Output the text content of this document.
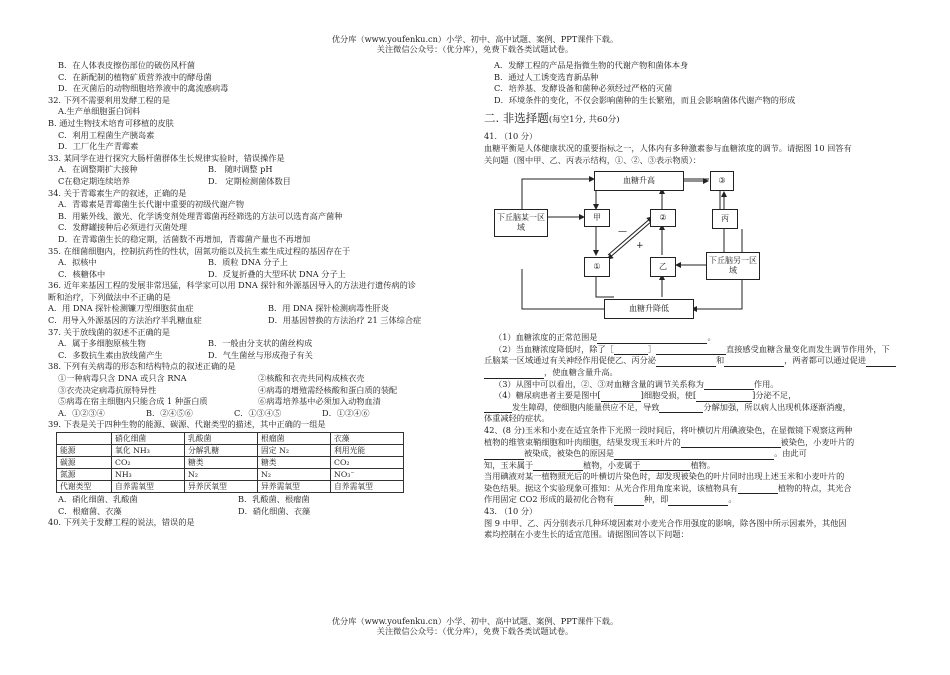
优分库（www.youfenku.cn）小学、初中、高中试题、案例、PPT课件下载。
关注微信公众号：（优分库），免费下载各类试题试卷。
B．在人体表皮擦伤部位的破伤风杆菌
C．在新配制的植物矿质营养液中的酵母菌
D．在灭菌后的动物细胞培养液中的禽流感病毒
32. 下列不需要利用发酵工程的是
A.生产单细胞蛋白饲料
B. 通过生物技术培育可移植的皮肤
C．利用工程菌生产胰岛素
D．工厂化生产青霉素
33. 某同学在进行探究大肠杆菌群体生长规律实验时，错误操作是
A．在调整期扩大接种	B． 随时调整 pH
C在稳定期连续培养	D． 定期检测菌体数目
34. 关于青霉素生产的叙述，正确的是
A．青霉素是青霉菌生长代谢中重要的初级代谢产物
B．用紫外线、激光、化学诱变剂处理青霉菌再经筛选的方法可以选育高产菌种
C．发酵罐接种后必须进行灭菌处理
D．在青霉菌生长的稳定期，活菌数不再增加，青霉菌产量也不再增加
35. 在细菌细胞内，控制抗药性的性状，固氮功能以及抗生素生成过程的基因存在于
A．拟核中	B．质粒 DNA 分子上
C．核糖体中	D．反复折叠的大型环状 DNA 分子上
36. 近年来基因工程的发展非常迅猛，科学家可以用 DNA 探针和外源基因导入的方法进行遗传病的诊
断和治疗，下列做法中不正确的是
A．用 DNA 探针检测镰刀型细胞贫血症	B．用 DNA 探针检测病毒性肝炎
C．用导入外源基因的方法治疗半乳糖血症	D．用基因替换的方法治疗 21 三体综合症
37. 关于放线菌的叙述不正确的是
A．属于多细胞原核生物	B．一般由分支状的菌丝构成
C．多数抗生素由放线菌产生	D．气生菌丝与形成孢子有关
38. 下列有关病毒的形态和结构特点的叙述正确的是
①一种病毒只含 DNA 或只含 RNA	②核酸和衣壳共同构成核衣壳
③衣壳决定病毒抗原特异性	④病毒的增殖需经核酸和蛋白质的装配
⑤病毒在宿主细胞内只能合成 1 种蛋白质	⑥病毒培养基中必须加入动物血清
A．①②③④	B．②④⑤⑥	C．①③④⑤	D．①②④⑥
39. 下表是关于四种生物的能源、碳源、代谢类型的描述，其中正确的一组是
	硝化细菌	乳酸菌	根瘤菌	衣藻
能源	氧化 NH₃	分解乳糖	固定 N₂	利用光能
碳源	CO₂	糖类	糖类	CO₂
氮源	NH₃	N₂	N₂	NO₃⁻
代谢类型	自养需氧型	异养厌氧型	异养需氧型	自养需氧型
A．硝化细菌、乳酸菌	B．乳酸菌、根瘤菌
C．根瘤菌、衣藻	D．硝化细菌、衣藻
40. 下列关于发酵工程的说法，错误的是
A．发酵工程的产品是指微生物的代谢产物和菌体本身
B．通过人工诱变选育新品种
C．培养基、发酵设备和菌种必须经过严格的灭菌
D．环境条件的变化，不仅会影响菌种的生长繁殖，而且会影响菌体代谢产物的形成
二. 非选择题(每空1分, 共60分)
41. （10 分）
血糖平衡是人体健康状况的重要指标之一，人体内有多种激素参与血糖浓度的调节。请据图 10 回答有
关问题（图中甲、乙、丙表示结构，①、②、③表示物质）：
血糖升高	③
下丘脑某一区域
甲	②	丙
①	乙
下丘脑另一区域
血糖升降低
—
+
（1）血糖浓度的正常范围是	。
（2）当血糖浓度降低时，除了［	］	直接感受血糖含量变化而发生调节作用外，下
丘脑某一区域通过有关神经作用促使乙、丙分泌	和	，两者都可以通过促进
，使血糖含量升高。
（3）从图中可以看出，②、③对血糖含量的调节关系称为	作用。
（4）糖尿病患者主要是图中[	]细胞受损，使[	]分泌不足，
发生障碍，使细胞内能量供应不足，导致	分解加强，所以病人出现机体逐渐消瘦，
体重减轻的症状。
42、(8 分)玉米和小麦在适宜条件下光照一段时间后，将叶横切片用碘液染色，在显微镜下观察这两种
植物的维管束鞘细胞和叶肉细胞，结果发现玉米叶片的	被染色，小麦叶片的
被染成，被染色的原因是	。由此可
知，玉米属于	植物，小麦属于	植物。
当用碘液对某一植物照光后的叶横切片染色时，却发现被染色的叶片同时出现上述玉米和小麦叶片的
染色结果。据这个实验现象可推知：从光合作用角度来说，该植物具有	植物的特点，其光合
作用固定 CO2 形成的最初化合物有	种，即	。
43. （10 分）
图 9 中甲、乙、丙分别表示几种环境因素对小麦光合作用强度的影响，除各图中所示因素外，其他因
素均控制在小麦生长的适宜范围。请据图回答以下问题：
优分库（www.youfenku.cn）小学、初中、高中试题、案例、PPT课件下载。
关注微信公众号：（优分库），免费下载各类试题试卷。
